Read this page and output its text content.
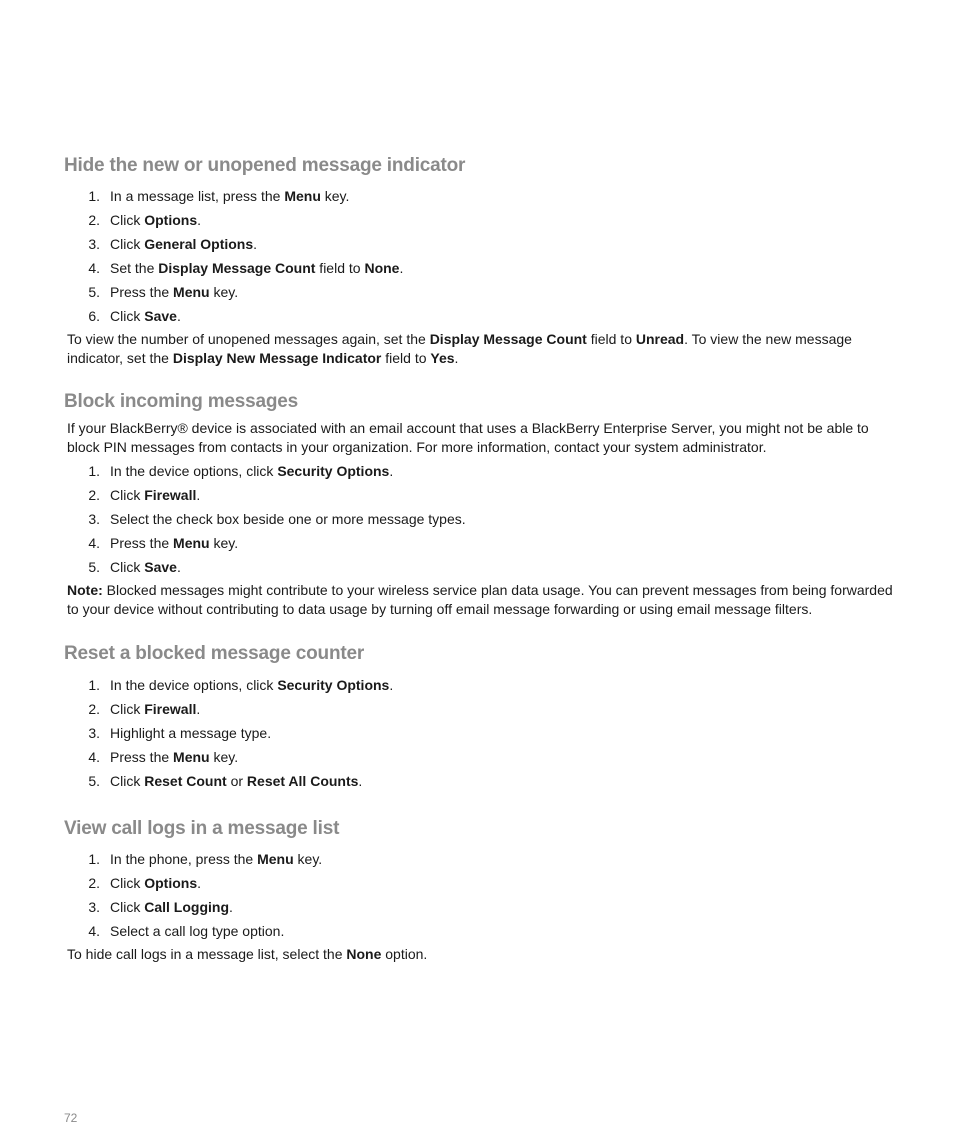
Hide the new or unopened message indicator
1. In a message list, press the Menu key.
2. Click Options.
3. Click General Options.
4. Set the Display Message Count field to None.
5. Press the Menu key.
6. Click Save.

To view the number of unopened messages again, set the Display Message Count field to Unread. To view the new message indicator, set the Display New Message Indicator field to Yes.

Block incoming messages

If your BlackBerry® device is associated with an email account that uses a BlackBerry Enterprise Server, you might not be able to block PIN messages from contacts in your organization. For more information, contact your system administrator.

1. In the device options, click Security Options.
2. Click Firewall.
3. Select the check box beside one or more message types.
4. Press the Menu key.
5. Click Save.

Note: Blocked messages might contribute to your wireless service plan data usage. You can prevent messages from being forwarded to your device without contributing to data usage by turning off email message forwarding or using email message filters.

Reset a blocked message counter
1. In the device options, click Security Options.
2. Click Firewall.
3. Highlight a message type.
4. Press the Menu key.
5. Click Reset Count or Reset All Counts.
View call logs in a message list
1. In the phone, press the Menu key.
2. Click Options.
3. Click Call Logging.
4. Select a call log type option.

To hide call logs in a message list, select the None option.

72
